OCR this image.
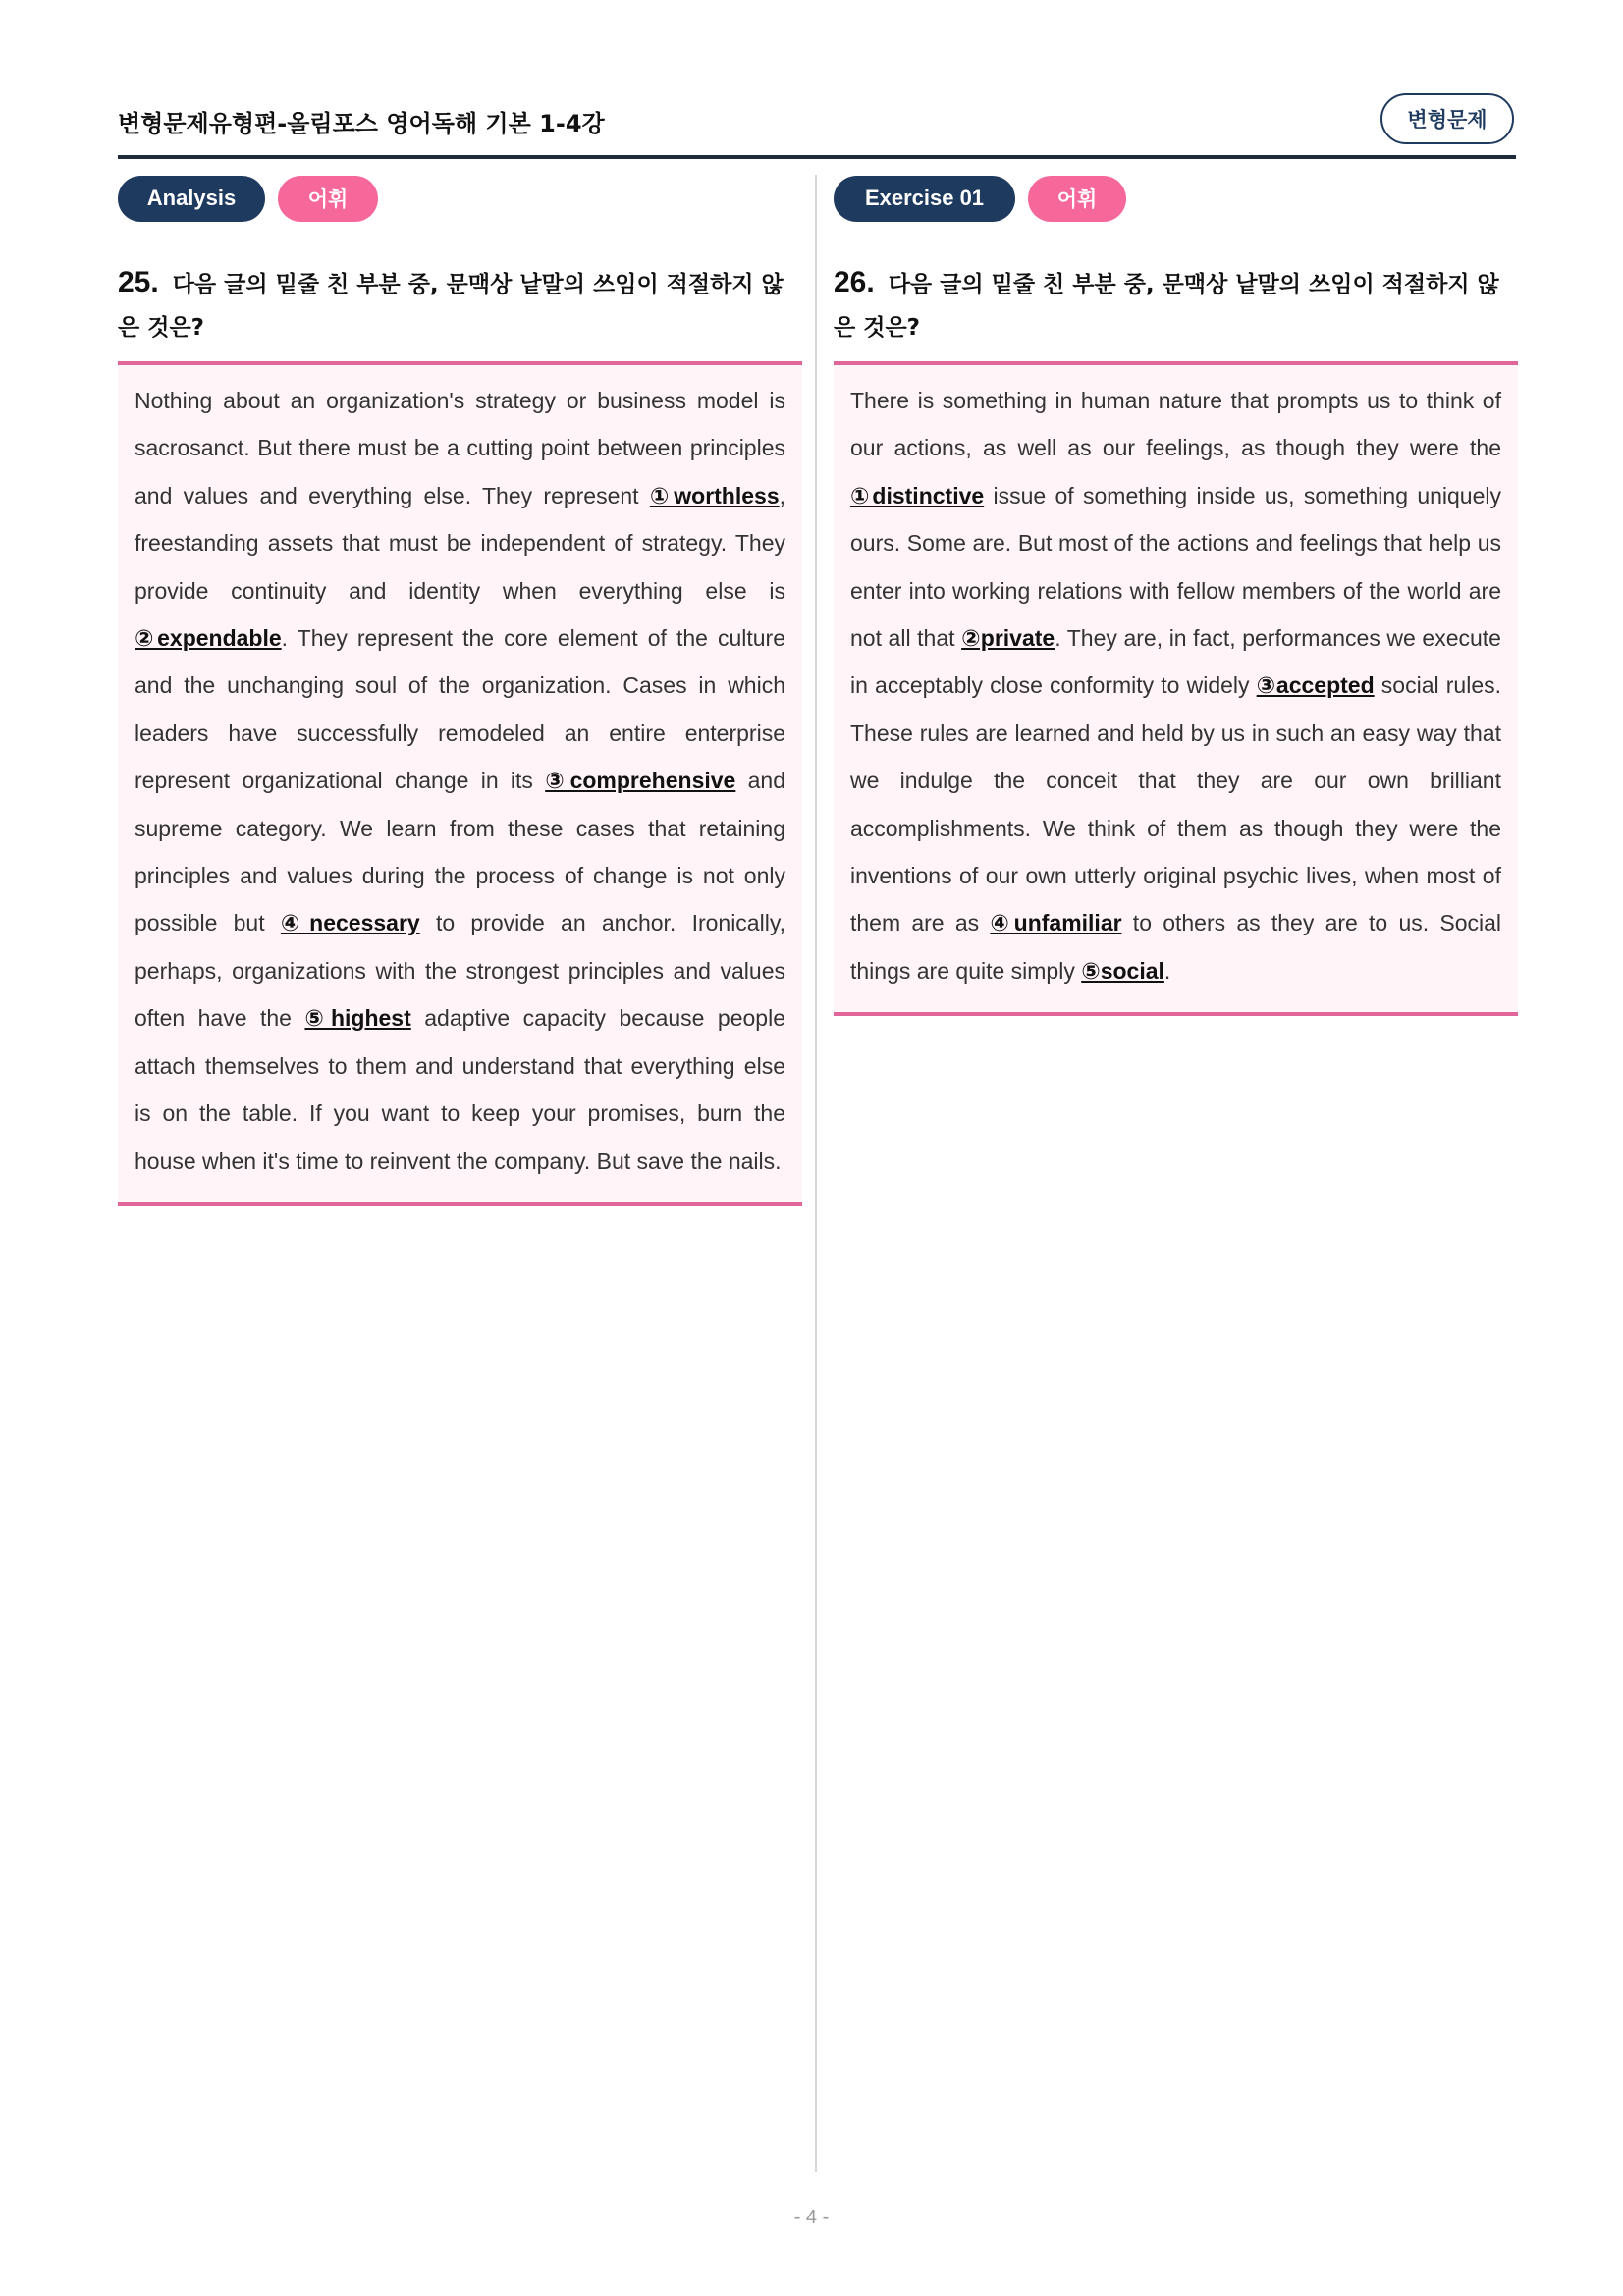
변형문제유형편-올림포스 영어독해 기본 1-4강	변형문제
Analysis	어휘
25. 다음 글의 밑줄 친 부분 중, 문맥상 낱말의 쓰임이 적절하지 않은 것은?

Nothing about an organization's strategy or business model is sacrosanct. But there must be a cutting point between principles and values and everything else. They represent ①worthless, freestanding assets that must be independent of strategy. They provide continuity and identity when everything else is ②expendable. They represent the core element of the culture and the unchanging soul of the organization. Cases in which leaders have successfully remodeled an entire enterprise represent organizational change in its ③comprehensive and supreme category. We learn from these cases that retaining principles and values during the process of change is not only possible but ④necessary to provide an anchor. Ironically, perhaps, organizations with the strongest principles and values often have the ⑤highest adaptive capacity because people attach themselves to them and understand that everything else is on the table. If you want to keep your promises, burn the house when it's time to reinvent the company. But save the nails.

Exercise 01	어휘
26. 다음 글의 밑줄 친 부분 중, 문맥상 낱말의 쓰임이 적절하지 않은 것은?

There is something in human nature that prompts us to think of our actions, as well as our feelings, as though they were the ①distinctive issue of something inside us, something uniquely ours. Some are. But most of the actions and feelings that help us enter into working relations with fellow members of the world are not all that ②private. They are, in fact, performances we execute in acceptably close conformity to widely ③accepted social rules. These rules are learned and held by us in such an easy way that we indulge the conceit that they are our own brilliant accomplishments. We think of them as though they were the inventions of our own utterly original psychic lives, when most of them are as ④unfamiliar to others as they are to us. Social things are quite simply ⑤social.

- 4 -
